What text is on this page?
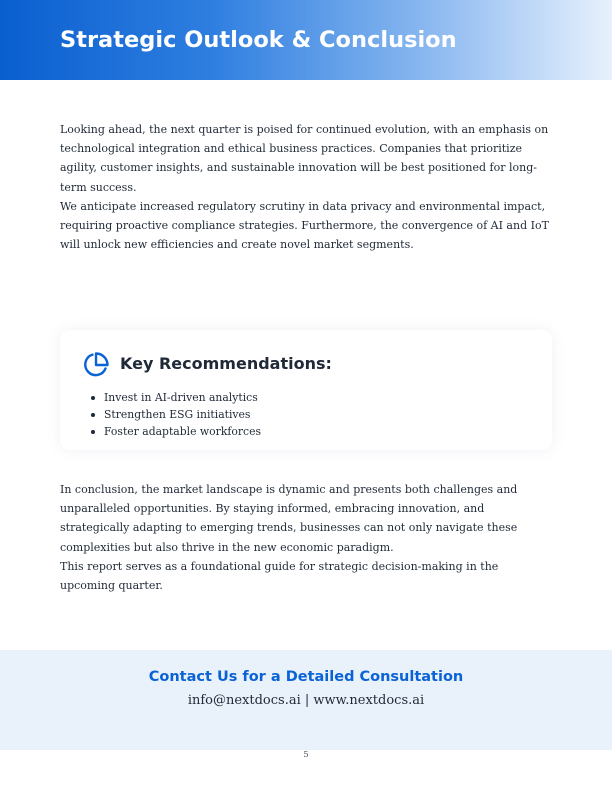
Strategic Outlook & Conclusion

Looking ahead, the next quarter is poised for continued evolution, with an emphasis on technological integration and ethical business practices. Companies that prioritize agility, customer insights, and sustainable innovation will be best positioned for long-term success.

We anticipate increased regulatory scrutiny in data privacy and environmental impact, requiring proactive compliance strategies. Furthermore, the convergence of AI and IoT will unlock new efficiencies and create novel market segments.

Key Recommendations:
Invest in AI-driven analytics
Strengthen ESG initiatives
Foster adaptable workforces

In conclusion, the market landscape is dynamic and presents both challenges and unparalleled opportunities. By staying informed, embracing innovation, and strategically adapting to emerging trends, businesses can not only navigate these complexities but also thrive in the new economic paradigm.

This report serves as a foundational guide for strategic decision-making in the upcoming quarter.

Contact Us for a Detailed Consultation
info@nextdocs.ai | www.nextdocs.ai
5
